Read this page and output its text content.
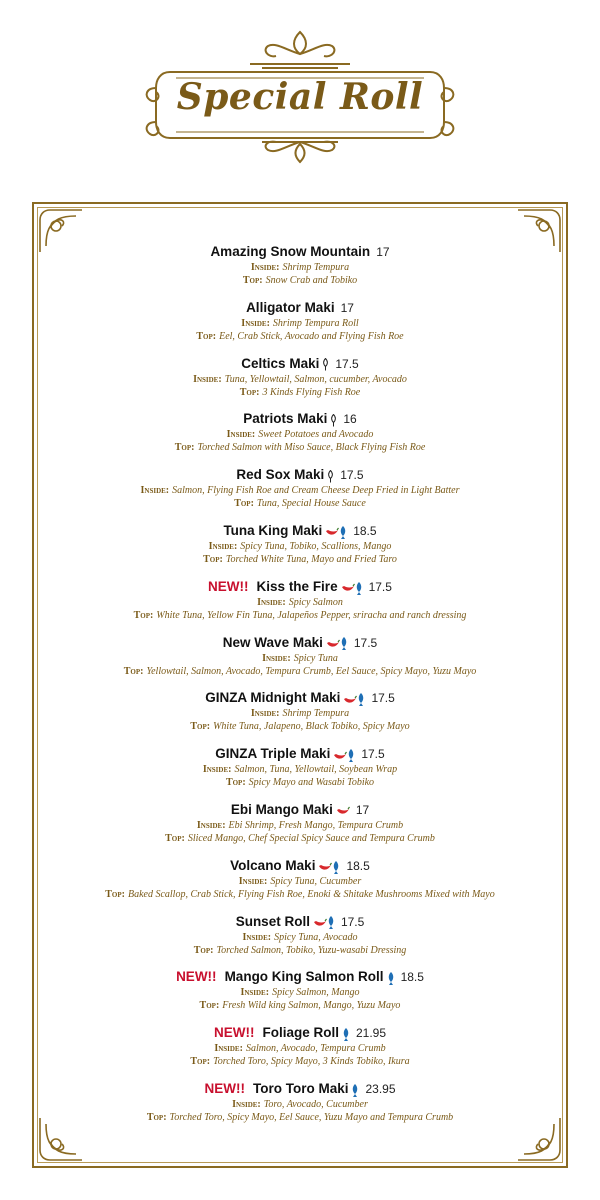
Special Roll
Amazing Snow Mountain 17
Inside: Shrimp Tempura
Top: Snow Crab and Tobiko
Alligator Maki 17
Inside: Shrimp Tempura Roll
Top: Eel, Crab Stick, Avocado and Flying Fish Roe
Celtics Maki 17.5
Inside: Tuna, Yellowtail, Salmon, cucumber, Avocado
Top: 3 Kinds Flying Fish Roe
Patriots Maki 16
Inside: Sweet Potatoes and Avocado
Top: Torched Salmon with Miso Sauce, Black Flying Fish Roe
Red Sox Maki 17.5
Inside: Salmon, Flying Fish Roe and Cream Cheese Deep Fried in Light Batter
Top: Tuna, Special House Sauce
Tuna King Maki	18.5
Inside: Spicy Tuna, Tobiko, Scallions, Mango
Top: Torched White Tuna, Mayo and Fried Taro
NEW!! Kiss the Fire	17.5
Inside: Spicy Salmon
Top: White Tuna, Yellow Fin Tuna, Jalapeños Pepper, sriracha and ranch dressing
New Wave Maki	17.5
Inside: Spicy Tuna
Top: Yellowtail, Salmon, Avocado, Tempura Crumb, Eel Sauce, Spicy Mayo, Yuzu Mayo
GINZA Midnight Maki	17.5
Inside: Shrimp Tempura
Top: White Tuna, Jalapeno, Black Tobiko, Spicy Mayo
GINZA Triple Maki	17.5
Inside: Salmon, Tuna, Yellowtail, Soybean Wrap
Top: Spicy Mayo and Wasabi Tobiko
Ebi Mango Maki 17
Inside: Ebi Shrimp, Fresh Mango, Tempura Crumb
Top: Sliced Mango, Chef Special Spicy Sauce and Tempura Crumb
Volcano Maki	18.5
Inside: Spicy Tuna, Cucumber
Top: Baked Scallop, Crab Stick, Flying Fish Roe, Enoki & Shitake Mushrooms Mixed with Mayo
Sunset Roll	17.5
Inside: Spicy Tuna, Avocado
Top: Torched Salmon, Tobiko, Yuzu-wasabi Dressing
NEW!! Mango King Salmon Roll 18.5
Inside: Spicy Salmon, Mango
Top: Fresh Wild king Salmon, Mango, Yuzu Mayo
NEW!! Foliage Roll 21.95
Inside: Salmon, Avocado, Tempura Crumb
Top: Torched Toro, Spicy Mayo, 3 Kinds Tobiko, Ikura
NEW!! Toro Toro Maki 23.95
Inside: Toro, Avocado, Cucumber
Top: Torched Toro, Spicy Mayo, Eel Sauce, Yuzu Mayo and Tempura Crumb
